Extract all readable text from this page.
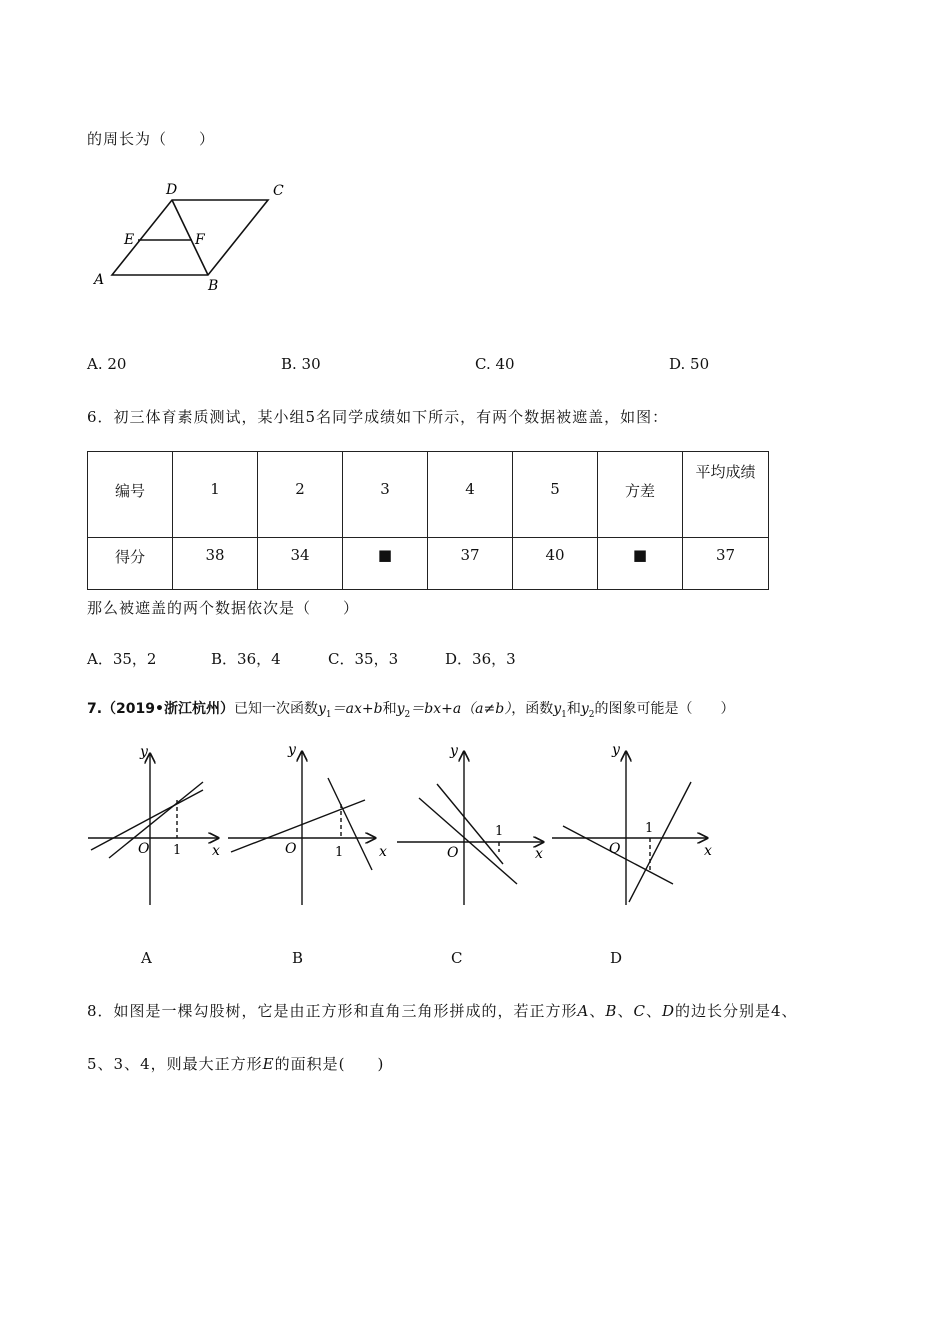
的周长为（　　）
A	B
C
D
E	F
A. 20	B. 30	C. 40	D. 50
6．初三体育素质测试，某小组5名同学成绩如下所示，有两个数据被遮盖，如图：
编号	1	2	3	4	5	方差	平均成绩
得分	38	34	■	37	40	■	37
那么被遮盖的两个数据依次是（　　）
A．35，2	B．36，4	C．35，3	D．36，3
7.（2019•浙江杭州）已知一次函数$y_1=ax+b$和$y_2=bx+a(a\ne b)$，函数$y_1$和$y_2$的图象可能是（　　）
O 1 x
y
O	1	x
y
O
1
x
y
O
1
x
y
A	B	C	D
8．如图是一棵勾股树，它是由正方形和直角三角形拼成的，若正方形A、B、C、D的边长分别是4、
5、3、4，则最大正方形E的面积是(　　)
